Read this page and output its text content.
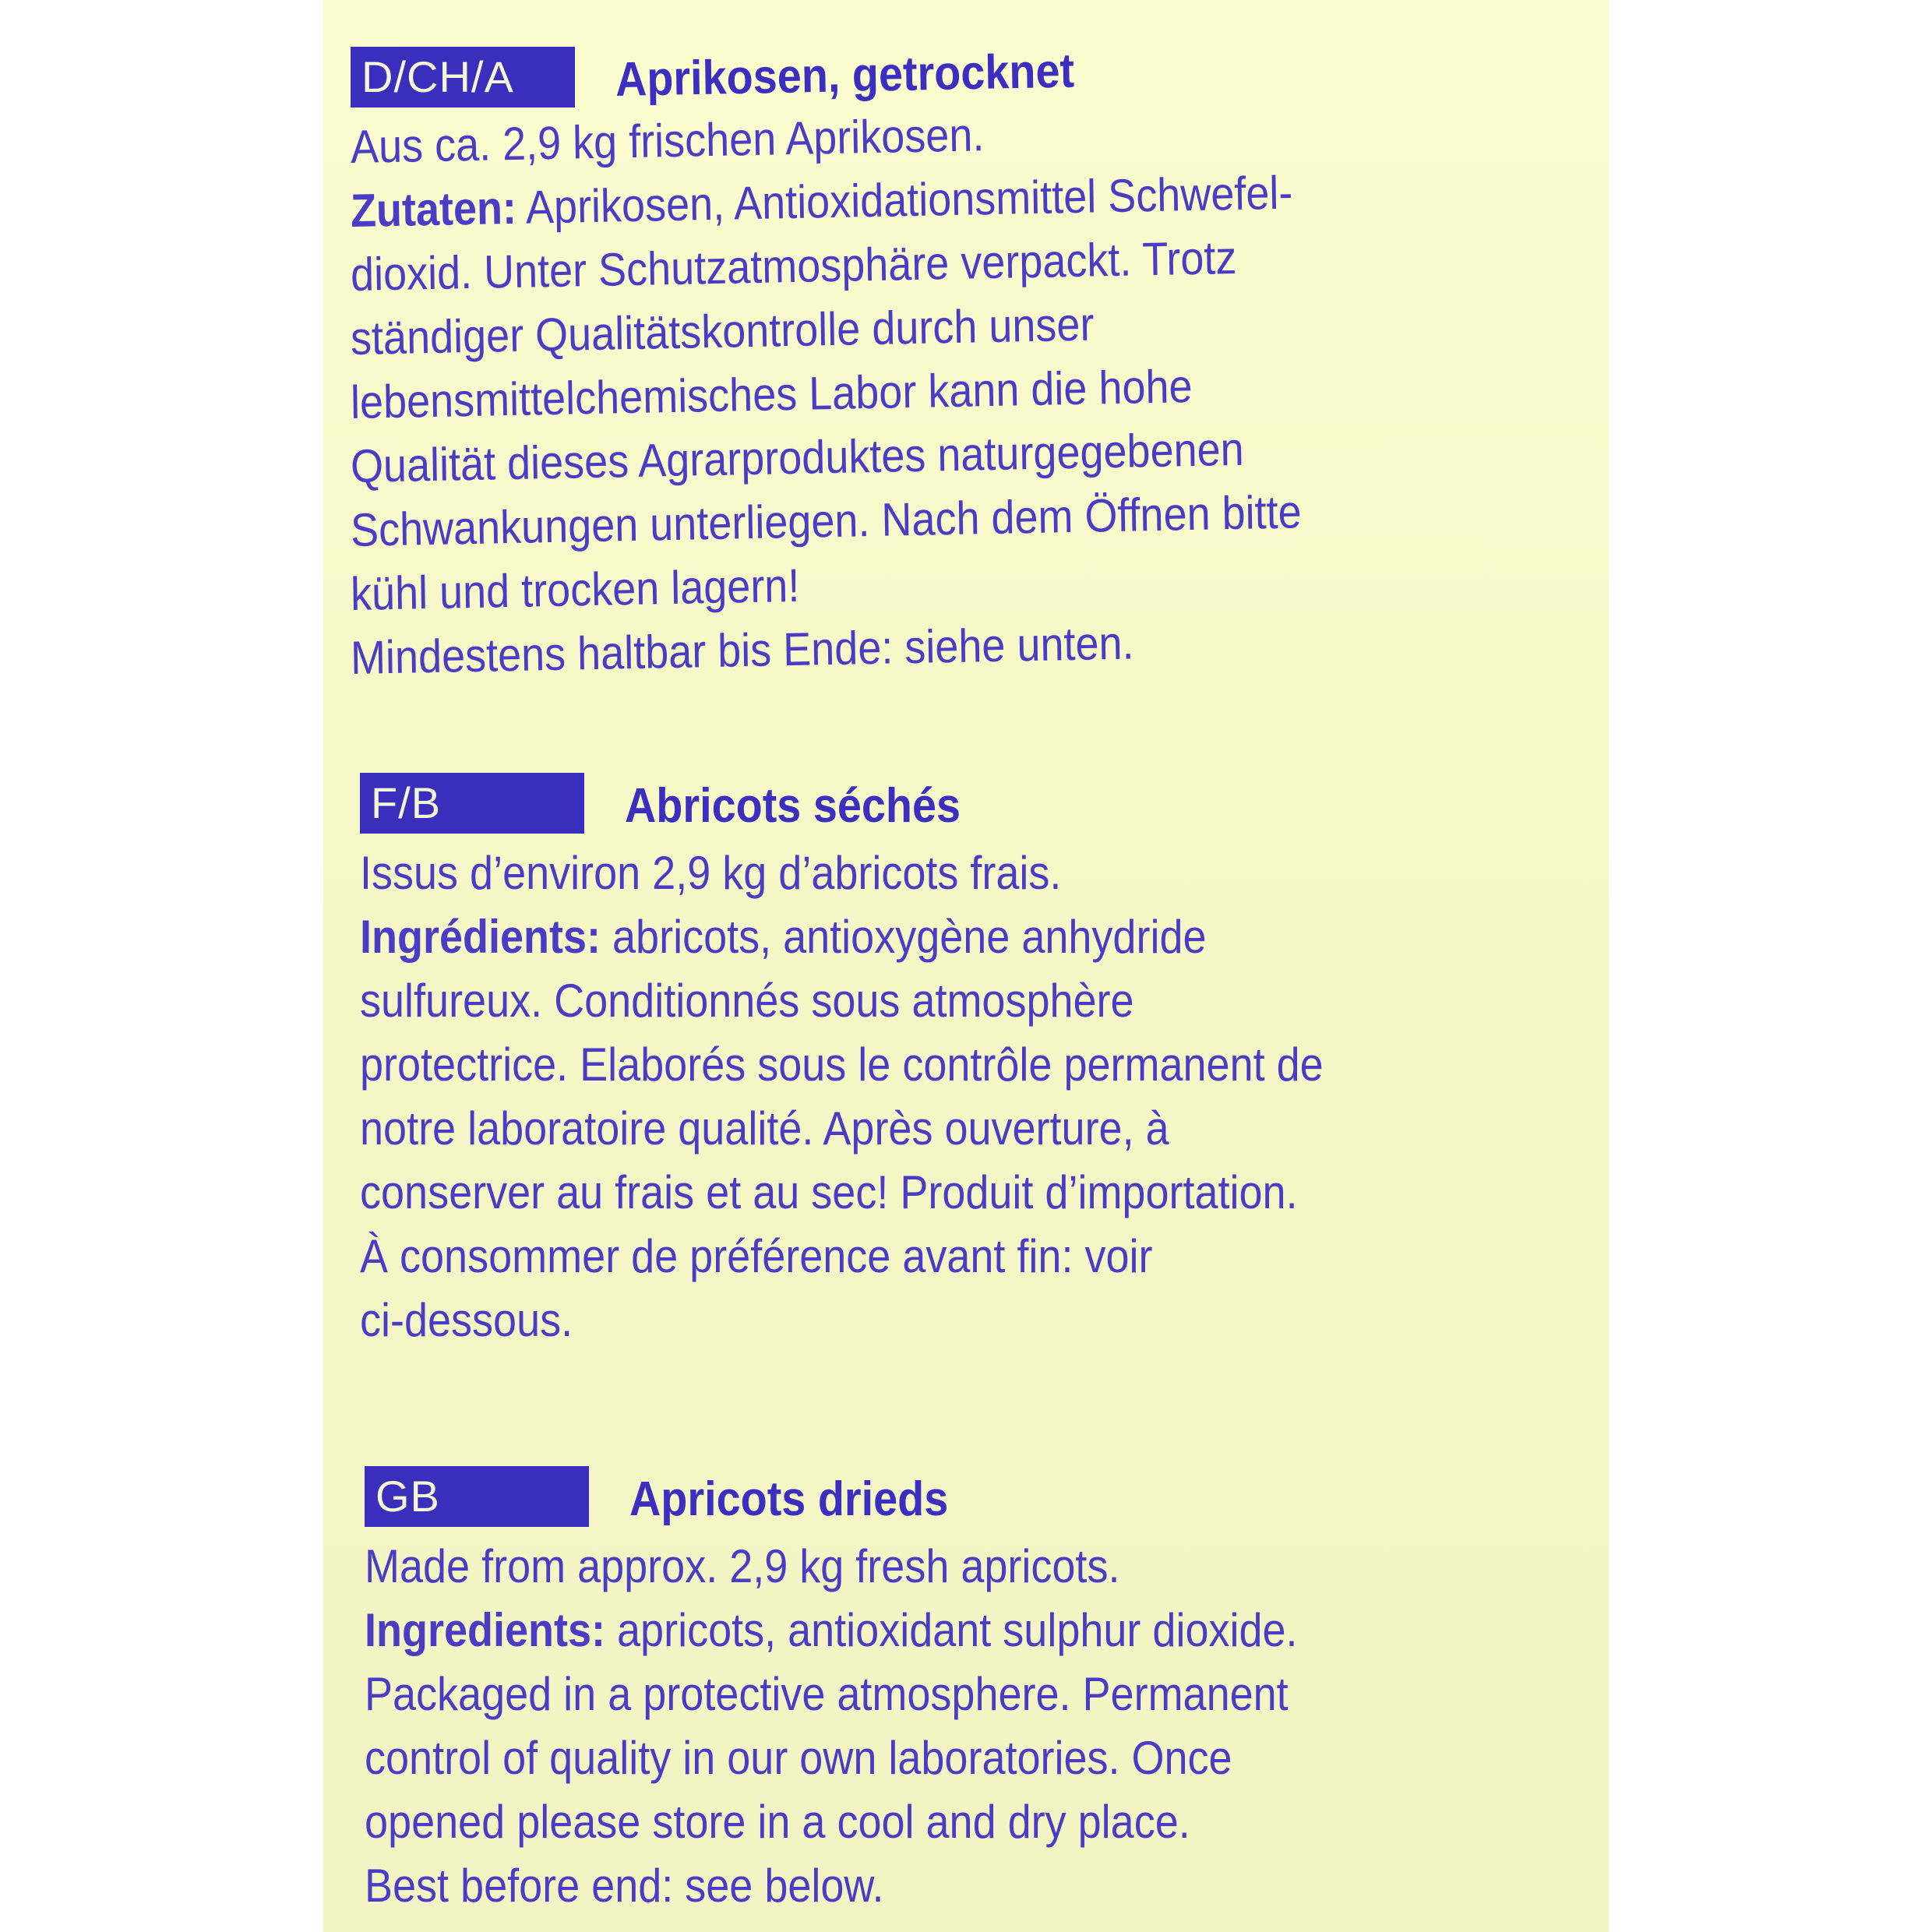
D/CH/A	Aprikosen, getrocknet
Aus ca. 2,9 kg frischen Aprikosen.
Zutaten: Aprikosen, Antioxidationsmittel Schwefel-
dioxid. Unter Schutzatmosphäre verpackt. Trotz
ständiger Qualitätskontrolle durch unser
lebensmittelchemisches Labor kann die hohe
Qualität dieses Agrarproduktes naturgegebenen
Schwankungen unterliegen. Nach dem Öffnen bitte
kühl und trocken lagern!
Mindestens haltbar bis Ende: siehe unten.
F/B	Abricots séchés
Issus d’environ 2,9 kg d’abricots frais.
Ingrédients: abricots, antioxygène anhydride
sulfureux. Conditionnés sous atmosphère
protectrice. Elaborés sous le contrôle permanent de
notre laboratoire qualité. Après ouverture, à
conserver au frais et au sec! Produit d’importation.
À consommer de préférence avant fin: voir
ci-dessous.
GB	Apricots drieds
Made from approx. 2,9 kg fresh apricots.
Ingredients: apricots, antioxidant sulphur dioxide.
Packaged in a protective atmosphere. Permanent
control of quality in our own laboratories. Once
opened please store in a cool and dry place.
Best before end: see below.
